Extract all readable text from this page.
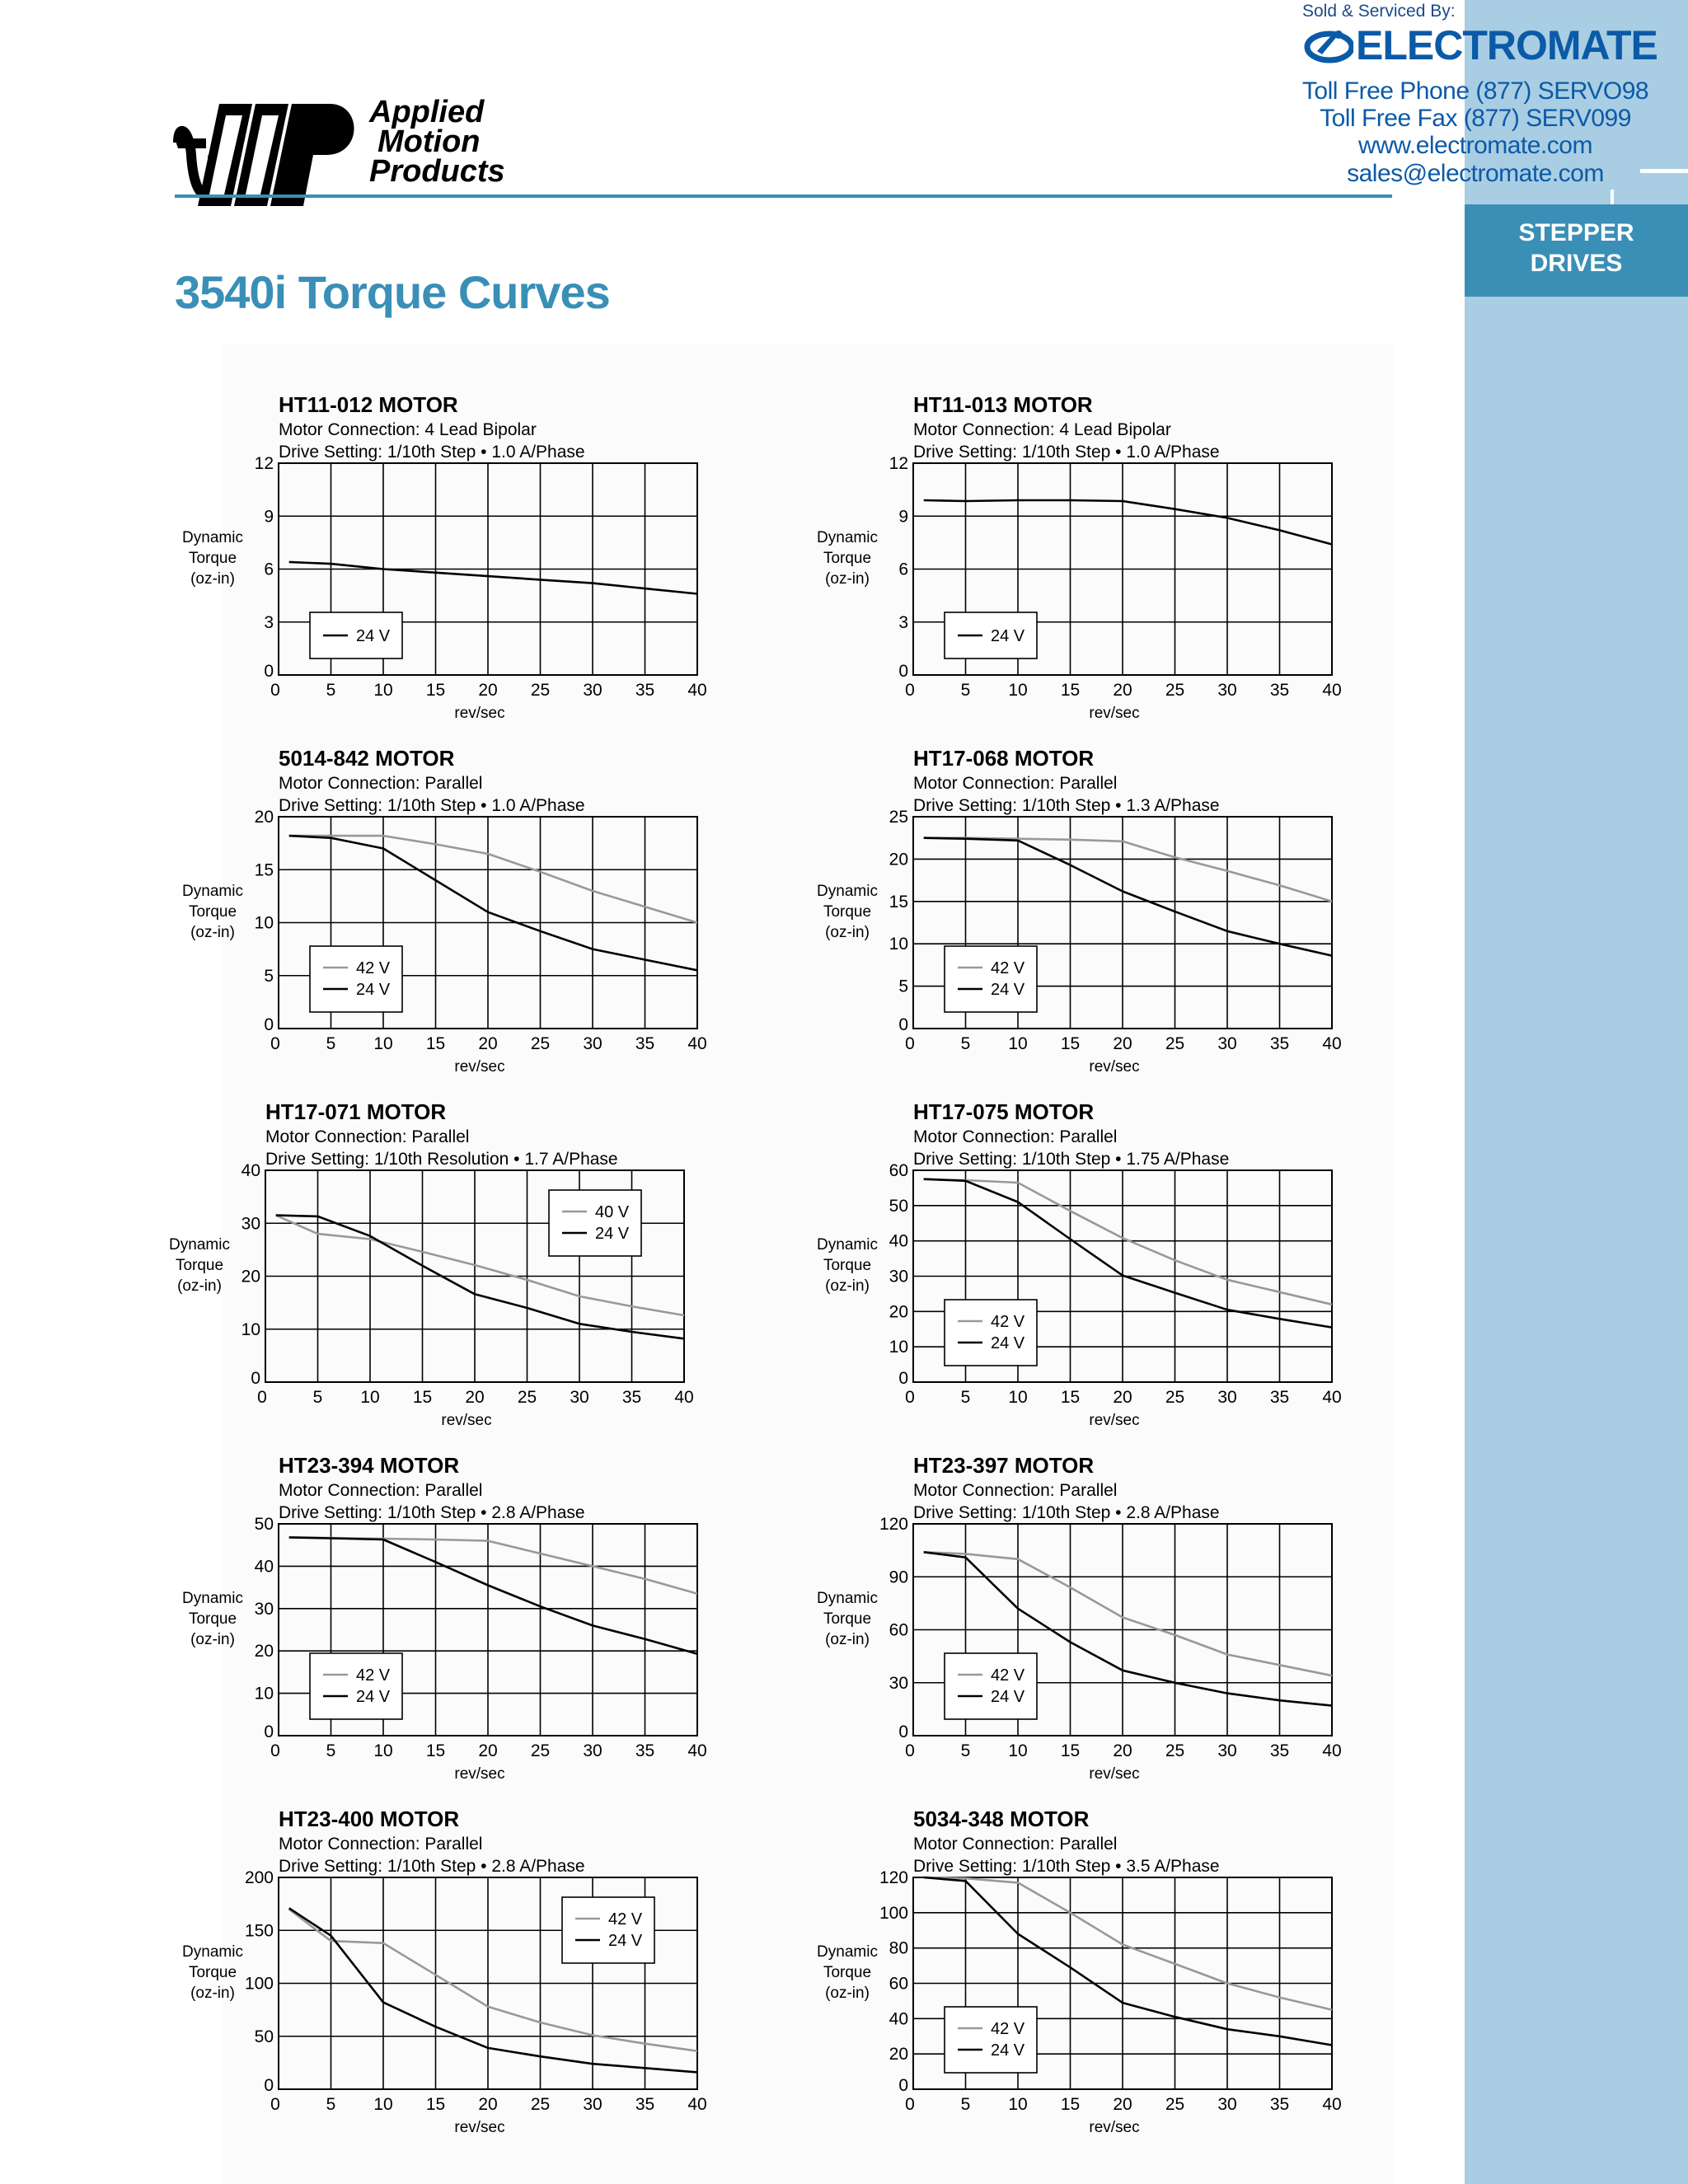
STEPPER
DRIVES
Sold & Serviced By:
ELECTROMATE
Toll Free Phone (877) SERVO98
Toll Free Fax (877) SERV099
www.electromate.com
sales@electromate.com
Applied
Motion
Products
3540i Torque Curves
HT11-012 MOTOR
Motor Connection: 4 Lead Bipolar
Drive Setting: 1/10th Step • 1.0 A/Phase
0	5 10 15 20 25 30 35 40
0
3
6
9
12
rev/sec
Dynamic
Torque
(oz-in)
24 V
HT11-013 MOTOR
Motor Connection: 4 Lead Bipolar
Drive Setting: 1/10th Step • 1.0 A/Phase
0	5 10 15 20 25 30 35 40
0
3
6
9
12
rev/sec
Dynamic
Torque
(oz-in)
24 V
5014-842 MOTOR
Motor Connection: Parallel
Drive Setting: 1/10th Step • 1.0 A/Phase
0	5 10 15 20 25 30 35 40
0
5
10
15
20
rev/sec
Dynamic
Torque
(oz-in)
42 V
24 V
HT17-068 MOTOR
Motor Connection: Parallel
Drive Setting: 1/10th Step • 1.3 A/Phase
0	5 10 15 20 25 30 35 40
0
5
10
15
20
25
rev/sec
Dynamic
Torque
(oz-in)
42 V
24 V
HT17-071 MOTOR
Motor Connection: Parallel
Drive Setting: 1/10th Resolution • 1.7 A/Phase
0	5 10 15 20 25 30 35 40
0
10
20
30
40
rev/sec
Dynamic
Torque
(oz-in)
40 V
24 V
HT17-075 MOTOR
Motor Connection: Parallel
Drive Setting: 1/10th Step • 1.75 A/Phase
0	5 10 15 20 25 30 35 40
0
10
20
30
40
50
60
rev/sec
Dynamic
Torque
(oz-in)
42 V
24 V
HT23-394 MOTOR
Motor Connection: Parallel
Drive Setting: 1/10th Step • 2.8 A/Phase
0	5 10 15 20 25 30 35 40
0
10
20
30
40
50
rev/sec
Dynamic
Torque
(oz-in)
42 V
24 V
HT23-397 MOTOR
Motor Connection: Parallel
Drive Setting: 1/10th Step • 2.8 A/Phase
0	5 10 15 20 25 30 35 40
0
30
60
90
120
rev/sec
Dynamic
Torque
(oz-in)
42 V
24 V
HT23-400 MOTOR
Motor Connection: Parallel
Drive Setting: 1/10th Step • 2.8 A/Phase
0	5 10 15 20 25 30 35 40
0
50
100
150
200
rev/sec
Dynamic
Torque
(oz-in)
42 V
24 V
5034-348 MOTOR
Motor Connection: Parallel
Drive Setting: 1/10th Step • 3.5 A/Phase
0	5 10 15 20 25 30 35 40
0
20
40
60
80
100
120
rev/sec
Dynamic
Torque
(oz-in)
42 V
24 V
